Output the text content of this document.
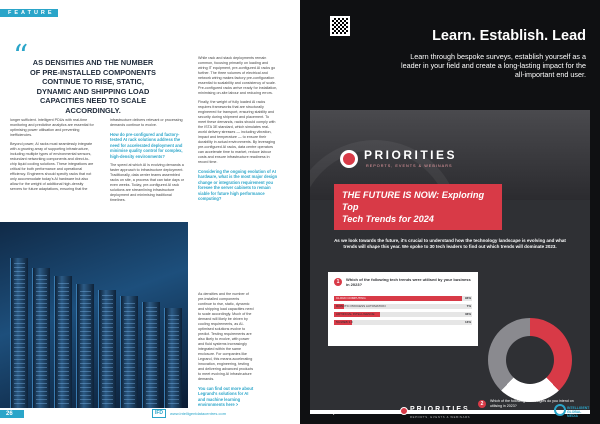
FEATURE
“ AS DENSITIES AND THE NUMBER OF PRE-INSTALLED COMPONENTS CONTINUE TO RISE, STATIC, DYNAMIC AND SHIPPING LOAD CAPACITIES NEED TO SCALE ACCORDINGLY.

longer sufficient. Intelligent PDUs with real-time monitoring and predictive analytics are essential for optimising power utilisation and preventing inefficiencies.

Beyond power, AI racks must seamlessly integrate with a growing array of supporting infrastructure, including multiple types of environmental sensors, redundant networking components and direct-to-chip liquid cooling solutions. These integrations are critical for both performance and operational efficiency. Engineers should specify racks that not only accommodate today's AI hardware but also allow for the weight of additional high-density servers for future adaptations, ensuring that the

infrastructure delivers relevant or processing demands continue to evolve.

How do pre-configured and factory-tested AI rack solutions address the need for accelerated deployment and minimise quality control for complex, high-density environments?

The speed at which AI is evolving demands a faster approach to infrastructure deployment. Traditionally, data center teams assembled racks on site, a process that can take days or even weeks. Today, pre-configured AI rack solutions are streamlining infrastructure deployment and minimising traditional timelines.

While rack and stack deployments remain common, focusing primarily on loading and wiring IT equipment, pre-configured AI racks go further. The three volumes of electrical and network wiring makes factory pre-configuration essential to scalability and consistency of scale. Pre-configured racks arrive ready for installation, minimising on-site labour and reducing errors.

Finally, the weight of fully loaded AI racks requires frameworks that are structurally engineered for transport, ensuring stability and security during shipment and placement. To meet these demands, racks should comply with the ISTA 3E standard, which simulates real-world delivery stresses — including vibration, impact and temperature — to ensure their durability in actual environments. By leveraging pre-configured AI racks, data centre operators can accelerate time to market, reduce labour costs and ensure infrastructure readiness in record time.

Considering the ongoing evolution of AI hardware, what is the most major design change or integration requirement you foresee the server cabinets to remain viable for future high performance computing?

As densities and the number of pre-installed components continue to rise, static, dynamic and shipping load capacities need to scale accordingly. Much of the demand will likely be driven by cooling requirements, as AI-optimised solutions evolve to predict. Testing requirements are also likely to evolve, with power and fluid systems increasingly integrated within the same enclosure. For companies like Legrand, this means accelerating innovation, engineering, testing and delivering advanced products to meet evolving AI infrastructure demands.

You can find out more about Legrand's solutions for AI and machine learning environments here >

26	IFD	www.intelligentdatacentres.com
Learn. Establish. Lead
Learn through bespoke surveys, establish yourself as a leader in your field and create a long-lasting impact for the all-important end user.
PRIORITIES
REPORTS, EVENTS & WEBINARS
As we look towards the future, it's crucial to understand how the technology landscape is evolving and what trends will shape this year. We spoke to 30 tech leaders to find out which trends will dominate 2023.
1	Which of the following tech trends were utilised by your business in 2023?
CLOUD COMPUTING	93%
ROBOTIC PROCESS AUTOMATION	7%
ARTIFICIAL INTELLIGENCE	33%
5G/WEB 3.0	13%
2	Which of the following technologies do you intend on utilising in 2023?
THE FUTURE IS NOW: Exploring Top
Tech Trends for 2024
www.ccapriorities.com	PRIORITIES
REPORTS, EVENTS & WEBINARS
INTELLIGENT GLOBAL MEDIA
